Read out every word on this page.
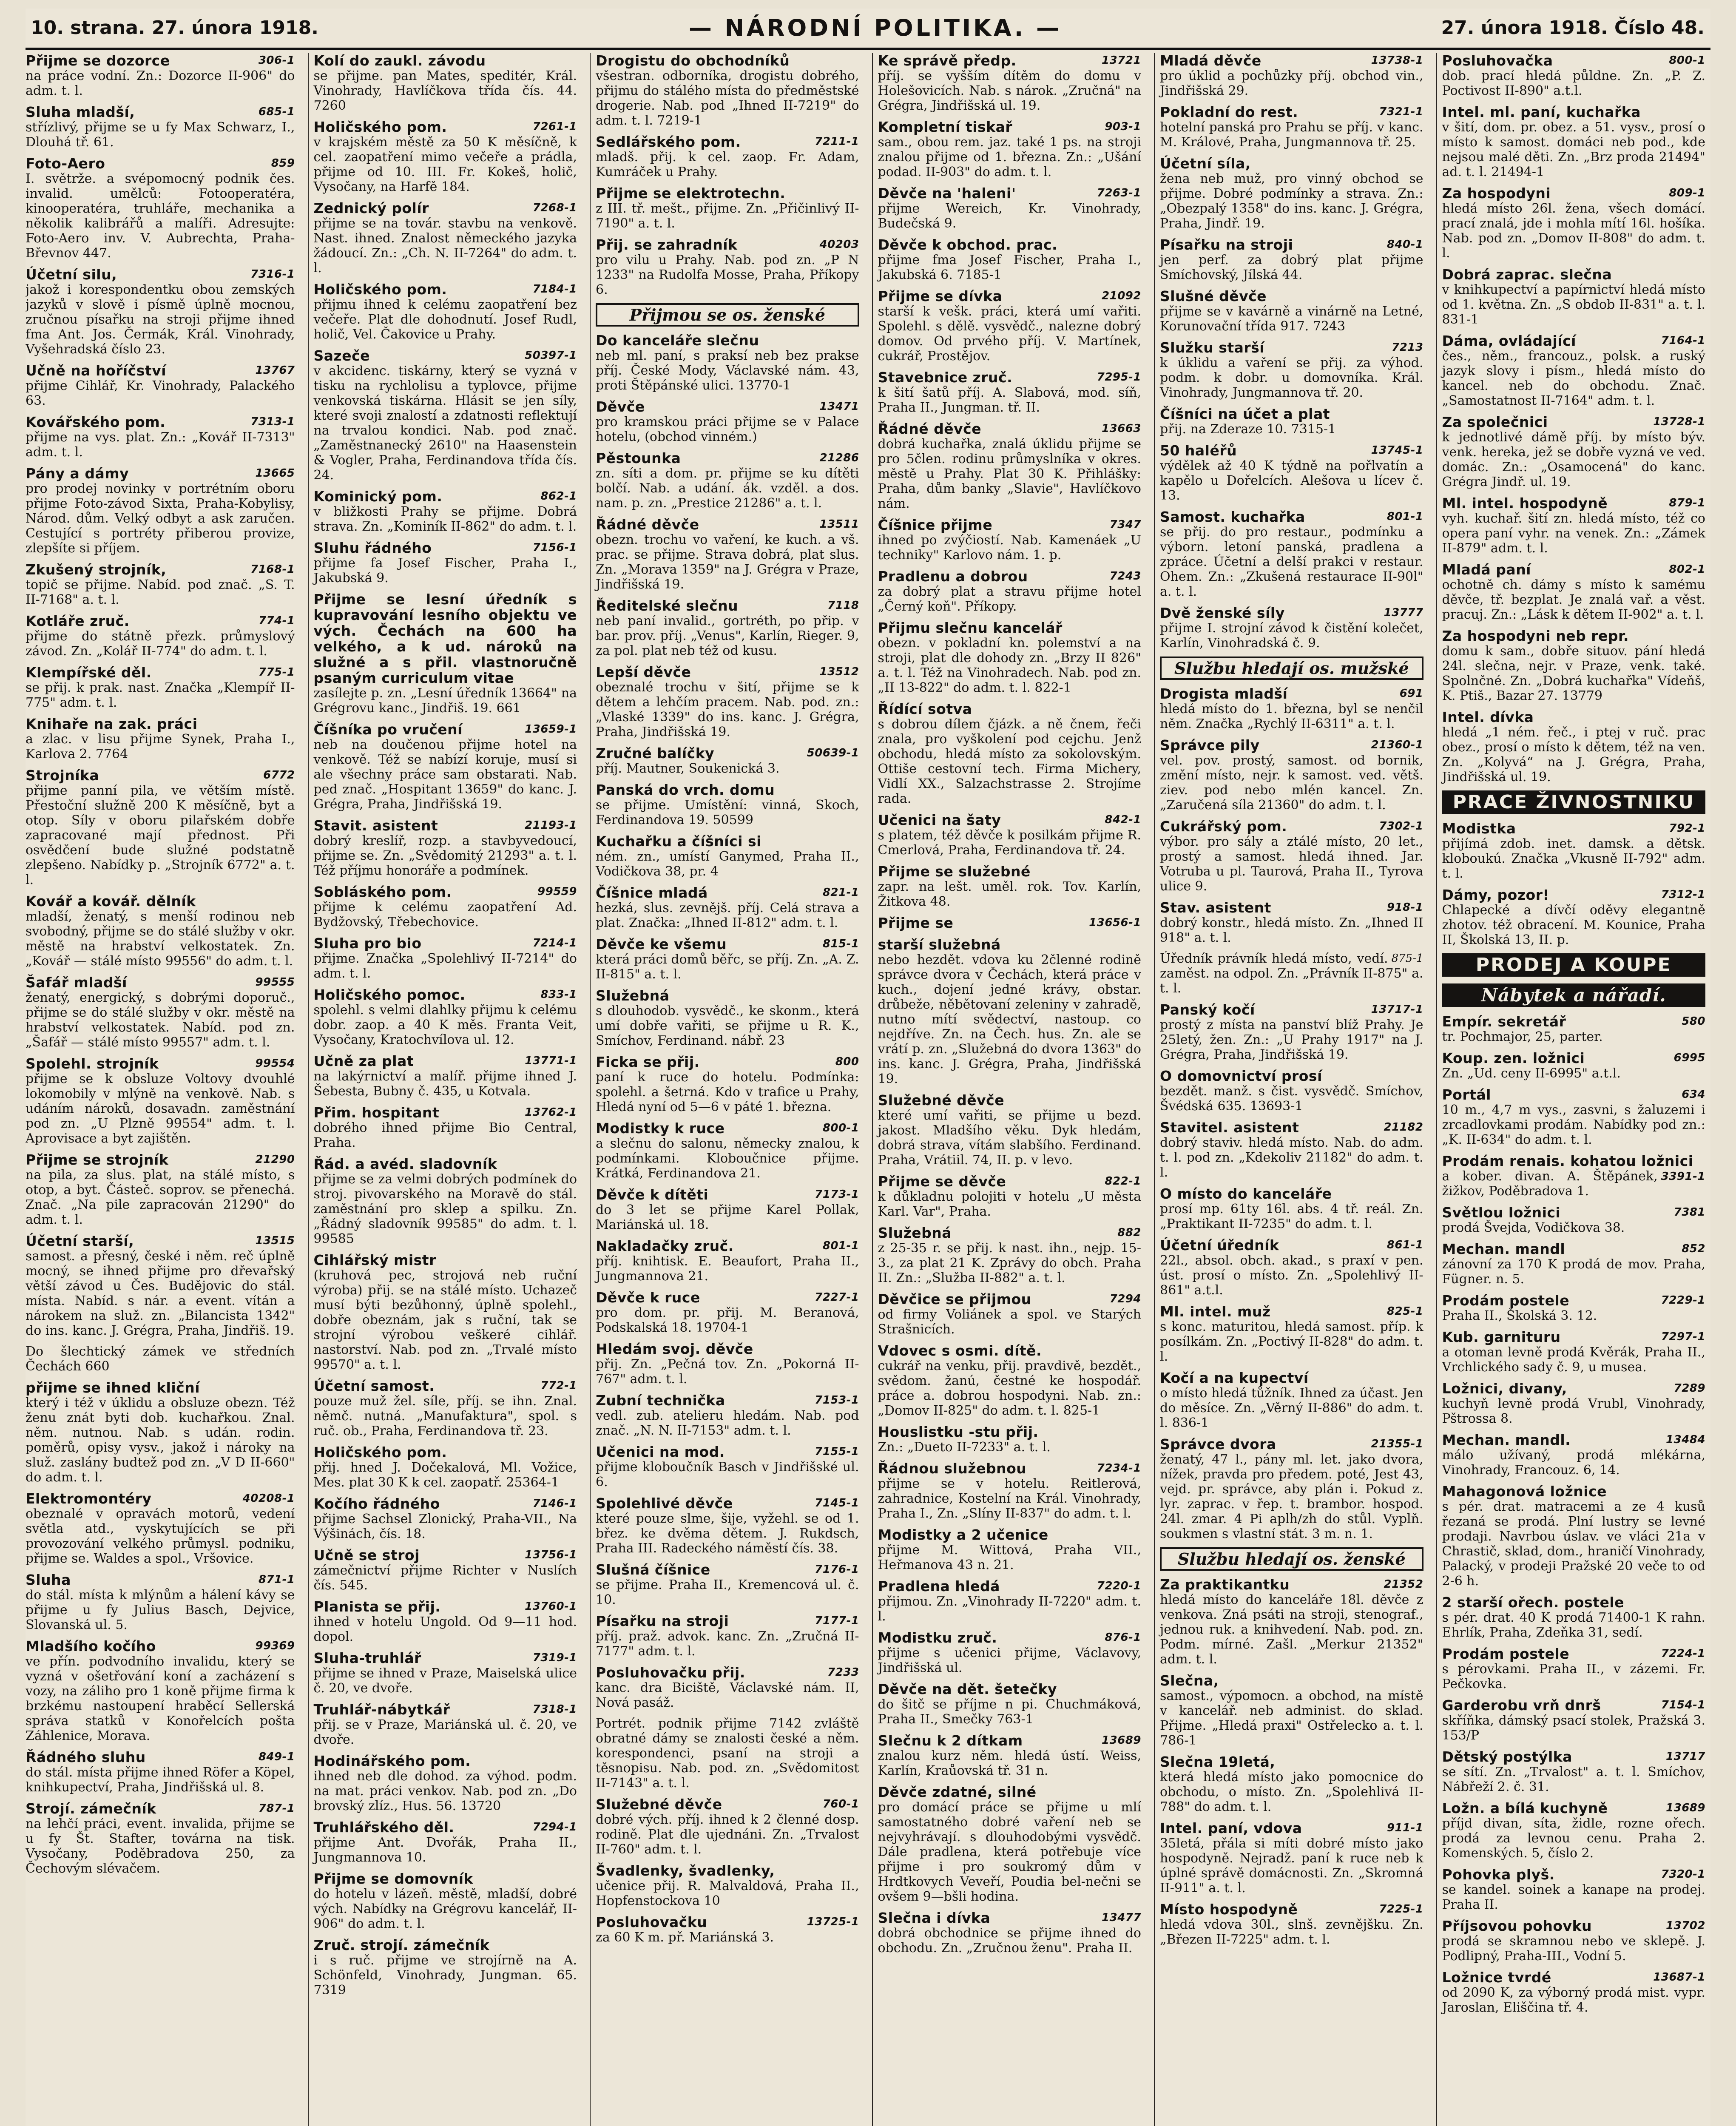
10. strana. 27. února 1918.	— NÁRODNÍ POLITIKA. —	27. února 1918. Číslo 48.
Přijme se dozorce	306-1
na práce vodní. Zn.: Dozorce II-906" do adm. t. l.
Sluha mladší,	685-1
střízlivý, přijme se u fy Max Schwarz, I., Dlouhá tř. 61.
Foto-Aero	859
I. světrže. a svépomocný podnik čes. invalid. umělců: Fotooperatéra, kinooperatéra, truhláře, mechanika a několik kalibrářů a malíři. Adresujte: Foto-Aero inv. V. Aubrechta, Praha-Břevnov 447.
Účetní silu,	7316-1
jakož i korespondentku obou zemských jazyků v slově i písmě úplně mocnou, zručnou písařku na stroji přijme ihned fma Ant. Jos. Čermák, Král. Vinohrady, Vyšehradská číslo 23.
Učně na hoříčství	13767
přijme Cihlář, Kr. Vinohrady, Palackého 63.
Kovářského pom.	7313-1
přijme na vys. plat. Zn.: „Kovář II-7313" adm. t. l.
Pány a dámy	13665
pro prodej novinky v portrétním oboru přijme Foto-závod Sixta, Praha-Kobylisy, Národ. dům. Velký odbyt a ask zaručen. Cestující s portréty přiberou provize, zlepšíte si příjem.
Zkušený strojník,	7168-1
topič se přijme. Nabíd. pod znač. „S. T. II-7168" a. t. l.
Kotláře zruč.	774-1
přijme do státně přezk. průmyslový závod. Zn. „Kolář II-774" do adm. t. l.
Klempířské děl.	775-1
se přij. k prak. nast. Značka „Klempíř II-775" adm. t. l.
Knihaře na zak. práci
a zlac. v lisu přijme Synek, Praha I., Karlova 2. 7764
Strojníka	6772
přijme panní pila, ve větším místě. Přestoční služně 200 K měsíčně, byt a otop. Síly v oboru pilařském dobře zapracované mají přednost. Při osvědčení bude služné podstatně zlepšeno. Nabídky p. „Strojník 6772" a. t. l.
Kovář a kovář. dělník
mladší, ženatý, s menší rodinou neb svobodný, přijme se do stálé služby v okr. městě na hrabství velkostatek. Zn. „Kovář — stálé místo 99556" do adm. t. l.
Šafář mladší	99555
ženatý, energický, s dobrými doporuč., přijme se do stálé služby v okr. městě na hrabství velkostatek. Nabíd. pod zn. „Šafář — stálé místo 99557" adm. t. l.
Spolehl. strojník	99554
přijme se k obsluze Voltovy dvouhlé lokomobily v mlýně na venkově. Nab. s udáním nároků, dosavadn. zaměstnání pod zn. „U Plzně 99554" adm. t. l. Aprovisace a byt zajištěn.
Přijme se strojník	21290
na pila, za slus. plat, na stálé místo, s otop, a byt. Částeč. soprov. se přenechá. Znač. „Na pile zapracován 21290" do adm. t. l.
Účetní starší,	13515
samost. a přesný, české i něm. reč úplně mocný, se ihned přijme pro dřevařský větší závod u Čes. Budějovic do stál. místa. Nabíd. s nár. a event. vítán a nárokem na služ. zn. „Bilancista 1342" do ins. kanc. J. Grégra, Praha, Jindřiš. 19.
Do šlechtický zámek ve středních Čechách 660
přijme se ihned kliční
který i též v úklidu a obsluze obezn. Též ženu znát byti dob. kuchařkou. Znal. něm. nutnou. Nab. s udán. rodin. poměrů, opisy vysv., jakož i nároky na služ. zaslány budtež pod zn. „V D II-660" do adm. t. l.
Elektromontéry	40208-1
obeznalé v opravách motorů, vedení světla atd., vyskytujících se při provozování velkého průmysl. podniku, přijme se. Waldes a spol., Vršovice.
Sluha	871-1
do stál. místa k mlýnům a hálení kávy se přijme u fy Julius Basch, Dejvice, Slovanská ul. 5.
Mladšího kočího	99369
ve přín. podvodního invalidu, který se vyzná v ošetřování koní a zacházení s vozy, na záliho pro 1 koně přijme firma k brzkému nastoupení hraběcí Sellerská správa statků v Konořelcích pošta Záhlenice, Morava.
Řádného sluhu	849-1
do stál. místa přijme ihned Röfer a Köpel, knihkupectví, Praha, Jindřišská ul. 8.
Strojí. zámečník	787-1
na lehčí práci, event. invalida, přijme se u fy Št. Stafter, továrna na tisk. Vysočany, Poděbradova 250, za Čechovým slévačem.
Kolí do zaukl. závodu
se přijme. pan Mates, speditér, Král. Vinohrady, Havlíčkova třída čís. 44. 7260
Holičského pom.	7261-1
v krajském městě za 50 K měsíčně, k cel. zaopatření mimo večeře a prádla, přijme od 10. III. Fr. Kokeš, holič, Vysočany, na Harfě 184.
Zednický polír	7268-1
přijme se na továr. stavbu na venkově. Nast. ihned. Znalost německého jazyka žádoucí. Zn.: „Ch. N. II-7264" do adm. t. l.
Holičského pom.	7184-1
přijmu ihned k celému zaopatření bez večeře. Plat dle dohodnutí. Josef Rudl, holič, Vel. Čakovice u Prahy.
Sazeče	50397-1
v akcidenc. tiskárny, který se vyzná v tisku na rychlolisu a typlovce, přijme venkovská tiskárna. Hlásit se jen síly, které svoji znalostí a zdatnosti reflektují na trvalou kondici. Nab. pod znač. „Zaměstnanecký 2610" na Haasenstein & Vogler, Praha, Ferdinandova třída čís. 24.
Kominický pom.	862-1
v bližkosti Prahy se přijme. Dobrá strava. Zn. „Kominík II-862" do adm. t. l.
Sluhu řádného	7156-1
přijme fa Josef Fischer, Praha I., Jakubská 9.
Přijme se lesní úředník s kupravování lesního objektu ve vých. Čechách na 600 ha velkého, a k ud. nároků na služné a s přil. vlastnoručně psaným curriculum vitae
zasílejte p. zn. „Lesní úředník 13664" na Grégrovu kanc., Jindřiš. 19. 661
Číšníka po vručení	13659-1
neb na doučenou přijme hotel na venkově. Též se nabízí koruje, musí si ale všechny práce sam obstarati. Nab. ped znač. „Hospitant 13659" do kanc. J. Grégra, Praha, Jindřišská 19.
Stavit. asistent	21193-1
dobrý kreslíř, rozp. a stavbyvedoucí, přijme se. Zn. „Svědomitý 21293" a. t. l. Též příjmu honoráře a podmínek.
Sobláského pom.	99559
přijme k celému zaopatření Ad. Bydžovský, Třebechovice.
Sluha pro bio	7214-1
přijme. Značka „Spolehlivý II-7214" do adm. t. l.
Holičského pomoc.	833-1
spolehl. s velmi dlahlky přijmu k celému dobr. zaop. a 40 K měs. Franta Veit, Vysočany, Kratochvílova ul. 12.
Učně za plat	13771-1
na lakýrnictví a malíř. přijme ihned J. Šebesta, Bubny č. 435, u Kotvala.
Přim. hospitant	13762-1
dobrého ihned přijme Bio Central, Praha.
Řád. a avéd. sladovník
přijme se za velmi dobrých podmínek do stroj. pivovarského na Moravě do stál. zaměstnání pro sklep a spilku. Zn. „Řádný sladovník 99585" do adm. t. l. 99585
Cihlářský mistr
(kruhová pec, strojová neb ruční výroba) přij. se na stálé místo. Uchazeč musí býti bezůhonný, úplně spolehl., dobře obeznám, jak s ruční, tak se strojní výrobou veškeré cihlář. nastorství. Nab. pod zn. „Trvalé místo 99570" a. t. l.
Účetní samost.	772-1
pouze muž žel. síle, příj. se ihn. Znal. němč. nutná. „Manufaktura", spol. s ruč. ob., Praha, Ferdinandova tř. 23.
Holičského pom.
přij. hned J. Dočekalová, Ml. Vožice, Mes. plat 30 K k cel. zaopatř. 25364-1
Kočího řádného	7146-1
přijme Sachsel Zlonický, Praha-VII., Na Výšinách, čís. 18.
Učně se stroj	13756-1
zámečnictví přijme Richter v Nuslích čís. 545.
Planista se přij.	13760-1
ihned v hotelu Ungold. Od 9—11 hod. dopol.
Sluha-truhlář	7319-1
přijme se ihned v Praze, Maiselská ulice č. 20, ve dvoře.
Truhlář-nábytkář	7318-1
přij. se v Praze, Mariánská ul. č. 20, ve dvoře.
Hodinářského pom.
ihned neb dle dohod. za výhod. podm. na mat. práci venkov. Nab. pod zn. „Do brovský zlíz., Hus. 56. 13720
Truhlářského děl.	7294-1
přijme Ant. Dvořák, Praha II., Jungmannova 10.
Přijme se domovník
do hotelu v lázeň. městě, mladší, dobré vých. Nabídky na Grégrovu kancelář, II-906" do adm. t. l.
Zruč. strojí. zámečník
i s ruč. přijme ve strojírně na A. Schönfeld, Vinohrady, Jungman. 65. 7319
Drogistu do obchodníků
všestran. odborníka, drogistu dobrého, přijmu do stálého místa do předměstské drogerie. Nab. pod „Ihned II-7219" do adm. t. l. 7219-1
Sedlářského pom.	7211-1
mladš. přij. k cel. zaop. Fr. Adam, Kumráček u Prahy.
Přijme se elektrotechn.
z III. tř. mešt., přijme. Zn. „Přičinlivý II-7190" a. t. l.
Přij. se zahradník	40203
pro vilu u Prahy. Nab. pod zn. „P N 1233" na Rudolfa Mosse, Praha, Příkopy 6.
Přijmou se os. ženské
Do kanceláře slečnu
neb ml. paní, s praksí neb bez prakse příj. České Mody, Václavské nám. 43, proti Štěpánské ulici. 13770-1
Děvče	13471
pro kramskou práci přijme se v Palace hotelu, (obchod vinném.)
Pěstounka	21286
zn. síti a dom. pr. přijme se ku dítěti bolčí. Nab. a udání. ák. vzděl. a dos. nam. p. zn. „Prestice 21286" a. t. l.
Řádné děvče	13511
obezn. trochu vo vaření, ke kuch. a vš. prac. se přijme. Strava dobrá, plat slus. Zn. „Morava 1359" na J. Grégra v Praze, Jindřišská 19.
Ředitelské slečnu	7118
neb paní invalid., gortréth, po přip. v bar. prov. příj. „Venus", Karlín, Rieger. 9, za pol. plat neb též od kusu.
Lepší děvče	13512
obeznalé trochu v šití, přijme se k dětem a lehčím pracem. Nab. pod. zn.: „Vlaské 1339" do ins. kanc. J. Grégra, Praha, Jindřišská 19.
Zručné balíčky	50639-1
příj. Mautner, Soukenická 3.
Panská do vrch. domu
se přijme. Umístění: vinná, Skoch, Ferdinandova 19. 50599
Kuchařku a číšníci si
ném. zn., umístí Ganymed, Praha II., Vodičkova 38, pr. 4
Číšnice mladá	821-1
hezká, slus. zevnějš. příj. Celá strava a plat. Značka: „Ihned II-812" adm. t. l.
Děvče ke všemu	815-1
která práci domů běřc, se příj. Zn. „A. Z. II-815" a. t. l.
Služebná
s dlouhodob. vysvědč., ke skonm., která umí dobře vařiti, se přijme u R. K., Smíchov, Ferdinand. nábř. 23
Ficka se přij.	800
paní k ruce do hotelu. Podmínka: spolehl. a šetrná. Kdo v trafice u Prahy, Hledá nyní od 5—6 v páté 1. března.
Modistky k ruce	800-1
a slečnu do salonu, německy znalou, k podmínkami. Kloboučnice přijme. Krátká, Ferdinandova 21.
Děvče k dítěti	7173-1
do 3 let se přijme Karel Pollak, Mariánská ul. 18.
Nakladačky zruč.	801-1
příj. knihtisk. E. Beaufort, Praha II., Jungmannova 21.
Děvče k ruce	7227-1
pro dom. pr. přij. M. Beranová, Podskalská 18. 19704-1
Hledám svoj. děvče
přij. Zn. „Pečná tov. Zn. „Pokorná II-767" adm. t. l.
Zubní technička	7153-1
vedl. zub. atelieru hledám. Nab. pod znač. „N. N. II-7153" adm. t. l.
Učenici na mod.	7155-1
přijme kloboučník Basch v Jindřišské ul. 6.
Spolehlivé děvče	7145-1
které pouze slme, šije, vyžehl. se od 1. břez. ke dvěma dětem. J. Rukdsch, Praha III. Radeckého náměstí čís. 38.
Slušná číšnice	7176-1
se přijme. Praha II., Kremencová ul. č. 10.
Písařku na stroji	7177-1
příj. praž. advok. kanc. Zn. „Zručná II-7177" adm. t. l.
Posluhovačku přij.	7233
kanc. dra Biciště, Václavské nám. II, Nová pasáž.
Portrét. podnik přijme 7142 zvláště obratné dámy se znalosti české a něm. korespondenci, psaní na stroji a těsnopisu. Nab. pod. zn. „Svědomitost II-7143" a. t. l.
Služebné děvče	760-1
dobré vých. příj. ihned k 2 členné dosp. rodině. Plat dle ujednáni. Zn. „Trvalost II-760" adm. t. l.
Švadlenky, švadlenky,
učenice přij. R. Malvaldová, Praha II., Hopfenstockova 10
Posluhovačku	13725-1
za 60 K m. př. Mariánská 3.
Ke správě předp.	13721
příj. se vyšším dítěm do domu v Holešovicích. Nab. s nárok. „Zručná" na Grégra, Jindřišská ul. 19.
Kompletní tiskař	903-1
sam., obou rem. jaz. také 1 ps. na stroji znalou přijme od 1. března. Zn.: „Ušání podad. II-903" do adm. t. l.
Děvče na 'haleni'	7263-1
přijme Wereich, Kr. Vinohrady, Budečská 9.
Děvče k obchod. prac.
přijme fma Josef Fischer, Praha I., Jakubská 6. 7185-1
Přijme se dívka	21092
starší k vešk. práci, která umí vařiti. Spolehl. s dělě. vysvědč., nalezne dobrý domov. Od prvého příj. V. Martínek, cukrář, Prostějov.
Stavebnice zruč.	7295-1
k šití šatů příj. A. Slabová, mod. síň, Praha II., Jungman. tř. II.
Řádné děvče	13663
dobrá kuchařka, znalá úklidu přijme se pro 5člen. rodinu průmyslníka v okres. městě u Prahy. Plat 30 K. Přihlášky: Praha, dům banky „Slavie", Havlíčkovo nám.
Číšnice přijme	7347
ihned po zvýčiostí. Nab. Kamenáek „U techniky" Karlovo nám. 1. p.
Pradlenu a dobrou	7243
za dobrý plat a stravu přijme hotel „Černý koň". Příkopy.
Přijmu slečnu kancelář
obezn. v pokladní kn. polemství a na stroji, plat dle dohody zn. „Brzy II 826" a. t. l. Též na Vinohradech. Nab. pod zn. „II 13-822" do adm. t. l. 822-1
Řídící sotva
s dobrou dílem čjázk. a ně čnem, řeči znala, pro vyškolení pod cejchu. Jenž obchodu, hledá místo za sokolovským. Ottiše cestovní tech. Firma Michery, Vidlí XX., Salzachstrasse 2. Strojíme rada.
Učenici na šaty	842-1
s platem, též děvče k posilkám přijme R. Cmerlová, Praha, Ferdinandova tř. 24.
Přijme se služebné
zapr. na lešt. uměl. rok. Tov. Karlín, Žitkova 48.
Přijme se	13656-1
starší služebná
nebo hezdět. vdova ku 2členné rodině správce dvora v Čechách, která práce v kuch., dojení jedné krávy, obstar. drůbeže, něbětovaní zeleniny v zahradě, nutno mítí svědectví, nastoup. co nejdříve. Zn. na Čech. hus. Zn. ale se vrátí p. zn. „Služebná do dvora 1363" do ins. kanc. J. Grégra, Praha, Jindřišská 19.
Služebné děvče
které umí vařiti, se přijme u bezd. jakost. Mladšího věku. Dyk hledám, dobrá strava, vítám slabšího. Ferdinand. Praha, Vrátiil. 74, II. p. v levo.
Přijme se děvče	822-1
k důkladnu polojiti v hotelu „U města Karl. Var", Praha.
Služebná	882
z 25-35 r. se přij. k nast. ihn., nejp. 15-3., za plat 21 K. Zprávy do obch. Praha II. Zn.: „Služba II-882" a. t. l.
Děvčice se přijmou	7294
od firmy Voliánek a spol. ve Starých Strašnicích.
Vdovec s osmi. dítě.
cukrář na venku, přij. pravdivě, bezdět., svědom. žanú, čestné ke hospodář. práce a. dobrou hospodyni. Nab. zn.: „Domov II-825" do adm. t. l. 825-1
Houslistku -stu přij.
Zn.: „Dueto II-7233" a. t. l.
Řádnou služebnou	7234-1
přijme se v hotelu. Reitlerová, zahradnice, Kostelní na Král. Vinohrady, Praha I., Zn. „Slíny II-837" do adm. t. l.
Modistky a 2 učenice
přijme M. Wittová, Praha VII., Heřmanova 43 n. 21.
Pradlena hledá	7220-1
přijmou. Zn. „Vinohrady II-7220" adm. t. l.
Modistku zruč.	876-1
přijme s učenici přijme, Václavovy, Jindřišská ul.
Děvče na dět. šetečky
do šitč se příjme n pi. Chuchmáková, Praha II., Smečky 763-1
Slečnu k 2 dítkam	13689
znalou kurz něm. hledá ústí. Weiss, Karlín, Kraůovská tř. 31 n.
Děvče zdatné, silné
pro domácí práce se přijme u mlí samostatného dobré vaření neb se nejvyhrávají. s dlouhodobými vysvědč. Dále pradlena, která potřebuje více přijme i pro soukromý dům v Hrdtkovych Veveří, Poudia bel-nečni se ovšem 9—bšli hodina.
Slečna i dívka	13477
dobrá obchodnice se přijme ihned do obchodu. Zn. „Zručnou ženu". Praha II.
Mladá děvče	13738-1
pro úklid a pochůzky příj. obchod vin., Jindřišská 29.
Pokladní do rest.	7321-1
hotelní panská pro Prahu se příj. v kanc. M. Králové, Praha, Jungmannova tř. 25.
Účetní síla,
žena neb muž, pro vinný obchod se přijme. Dobré podmínky a strava. Zn.: „Obezpalý 1358" do ins. kanc. J. Grégra, Praha, Jindř. 19.
Písařku na stroji	840-1
jen perf. za dobrý plat přijme Smíchovský, Jílská 44.
Slušné děvče
přijme se v kavárně a vinárně na Letné, Korunovační třída 917. 7243
Služku starší	7213
k úklidu a vaření se přij. za výhod. podm. k dobr. u domovníka. Král. Vinohrady, Jungmannova tř. 20.
Číšníci na účet a plat
přij. na Zderaze 10. 7315-1
50 haléřů	13745-1
výdělek až 40 K týdně na pořlvatín a kapělo u Dořelcích. Alešova u lícev č. 13.
Samost. kuchařka	801-1
se přij. do pro restaur., podmínku a výborn. letoní panská, pradlena a zpráce. Účetní a delší prakci v restaur. Ohem. Zn.: „Zkušená restaurace II-90l" a. t. l.
Dvě ženské síly	13777
přijme I. strojní závod k čistění kolečet, Karlín, Vinohradská č. 9.
Službu hledají os. mužské
Drogista mladší	691
hledá místo do 1. března, byl se nenčil něm. Značka „Rychlý II-6311" a. t. l.
Správce pily	21360-1
vel. pov. prostý, samost. od bornik, změní místo, nejr. k samost. ved. větš. ziev. pod nebo mlén kancel. Zn. „Zaručená síla 21360" do adm. t. l.
Cukrářský pom.	7302-1
výbor. pro sály a ztálé místo, 20 let., prostý a samost. hledá ihned. Jar. Votruba u pl. Taurová, Praha II., Tyrova ulice 9.
Stav. asistent	918-1
dobrý konstr., hledá místo. Zn. „Ihned II 918" a. t. l.
875-1
Úředník právník hledá místo, vedí. zaměst. na odpol. Zn. „Právník II-875" a. t. l.
Panský kočí	13717-1
prostý z místa na panství blíž Prahy. Je 25letý, žen. Zn.: „U Prahy 1917" na J. Grégra, Praha, Jindřišská 19.
O domovnictví prosí
bezdět. manž. s čist. vysvědč. Smíchov, Švédská 635. 13693-1
Stavitel. asistent	21182
dobrý staviv. hledá místo. Nab. do adm. t. l. pod zn. „Kdekoliv 21182" do adm. t. l.
O místo do kanceláře
prosí mp. 61ty 16l. abs. 4 tř. reál. Zn. „Praktikant II-7235" do adm. t. l.
Účetní úředník	861-1
22l., absol. obch. akad., s praxí v pen. úst. prosí o místo. Zn. „Spolehlivý II-861" a.t.l.
Ml. intel. muž	825-1
s konc. maturitou, hledá samost. příp. k posílkám. Zn. „Poctivý II-828" do adm. t. l.
Kočí a na kupectví
o místo hledá tůžník. Ihned za účast. Jen do měsíce. Zn. „Věrný II-886" do adm. t. l. 836-1
Správce dvora	21355-1
ženatý, 47 l., pány ml. let. jako dvora, nížek, pravda pro předem. poté, Jest 43, vejd. pr. správce, aby plán i. Pokud z. lyr. zaprac. v řep. t. brambor. hospod. 24l. zmar. 4 Pi aplh/zh do stůl. Vyplň. soukmen s vlastní stát. 3 m. n. 1.
Službu hledají os. ženské
Za praktikantku	21352
hledá místo do kanceláře 18l. děvče z venkova. Zná psáti na stroji, stenograf., jednou ruk. a knihvedení. Nab. pod. zn. Podm. mírné. Zašl. „Merkur 21352" adm. t. l.
Slečna,
samost., výpomocn. a obchod, na místě v kancelář. neb administ. do sklad. Přijme. „Hledá praxi" Ostřelecko a. t. l. 786-1
Slečna 19letá,
která hledá místo jako pomocnice do obchodu, o místo. Zn. „Spolehlivá II-788" do adm. t. l.
Intel. paní, vdova	911-1
35letá, přála si míti dobré místo jako hospodyně. Nejradž. paní k ruce neb k úplné správě domácnosti. Zn. „Skromná II-911" a. t. l.
Místo hospodyně	7225-1
hledá vdova 30l., slnš. zevnějšku. Zn. „Březen II-7225" adm. t. l.
Posluhovačka	800-1
dob. prací hledá půldne. Zn. „P. Z. Poctivost II-890" a.t.l.
Intel. ml. paní, kuchařka
v šití, dom. pr. obez. a 51. vysv., prosí o místo k samost. domáci neb pod., kde nejsou malé děti. Zn. „Brz proda 21494" ad. t. l. 21494-1
Za hospodyni	809-1
hledá místo 26l. žena, všech domácí. prací znalá, jde i mohla mítí 16l. hošíka. Nab. pod zn. „Domov II-808" do adm. t. l.
Dobrá zaprac. slečna
v knihkupectví a papírnictví hledá místo od 1. května. Zn. „S obdob II-831" a. t. l. 831-1
Dáma, ovládající	7164-1
čes., něm., francouz., polsk. a ruský jazyk slovy i písm., hledá místo do kancel. neb do obchodu. Znač. „Samostatnost II-7164" adm. t. l.
Za společnici	13728-1
k jednotlivé dámě příj. by místo býv. venk. hereka, jež se dobře vyzná ve ved. domác. Zn.: „Osamocená" do kanc. Grégra Jindř. ul. 19.
Ml. intel. hospodyně	879-1
vyh. kuchař. šití zn. hledá místo, též co opera paní vyhr. na venek. Zn.: „Zámek II-879" adm. t. l.
Mladá paní	802-1
ochotně ch. dámy s místo k samému děvče, tř. bezplat. Je znalá vař. a věst. pracuj. Zn.: „Lásk k dětem II-902" a. t. l.
Za hospodyni neb repr.
domu k sam., dobře situov. pání hledá 24l. slečna, nejr. v Praze, venk. také. Spolnčné. Zn. „Dobrá kuchařka" Vídeňš, K. Ptiš., Bazar 27. 13779
Intel. dívka
hledá „1 ném. řeč., i ptej v ruč. prac obez., prosí o místo k dětem, též na ven. Zn. „Kolyvá“ na J. Grégra, Praha, Jindřišská ul. 19.
PRACE ŽIVNOSTNIKU
Modistka	792-1
přijímá zdob. inet. damsk. a dětsk. kloboukú. Značka „Vkusně II-792" adm. t. l.
Dámy, pozor!	7312-1
Chlapecké a dívčí oděvy elegantně zhotov. též obracení. M. Kounice, Praha II, Školská 13, II. p.
PRODEJ A KOUPE
Nábytek a nářadí.
Empír. sekretář	580
tr. Pochmajor, 25, parter.
Koup. zen. ložnici	6995
Zn. „Ud. ceny II-6995" a.t.l.
Portál	634
10 m., 4,7 m vys., zasvni, s žaluzemi i zrcadlovkami prodám. Nabídky pod zn.: „K. II-634" do adm. t. l.
Prodám renais. kohatou ložnici
3391-1
a kober. divan. A. Štěpánek, žižkov, Poděbradova 1.
Světlou ložnici	7381
prodá Švejda, Vodičkova 38.
Mechan. mandl	852
zánovní za 170 K prodá de mov. Praha, Fügner. n. 5.
Prodám postele	7229-1
Praha II., Školská 3. 12.
Kub. garnituru	7297-1
a otoman levně prodá Kvěrák, Praha II., Vrchlického sady č. 9, u musea.
Ložnici, divany,	7289
kuchyň levně prodá Vrubl, Vinohrady, Pštrossa 8.
Mechan. mandl.	13484
málo užívaný, prodá mlékárna, Vinohrady, Francouz. 6, 14.
Mahagonová ložnice
s pér. drat. matracemi a ze 4 kusů řezaná se prodá. Plní lustry se levné prodaji. Navrbou úslav. ve vláci 21a v Chrastič, sklad, dom., hraničí Vinohrady, Palacký, v prodeji Pražské 20 veče to od 2-6 h.
2 starší ořech. postele
s pér. drat. 40 K prodá 71400-1 K rahn. Ehrlík, Praha, Zdeňka 31, sedí.
Prodám postele	7224-1
s pérovkami. Praha II., v zázemi. Fr. Pečkovka.
Garderobu vrň dnrš	7154-1
skříňka, dámský psací stolek, Pražská 3. 153/P
Dětský postýlka	13717
se sítí. Zn. „Trvalost" a. t. l. Smíchov, Nábřeží 2. č. 31.
Ložn. a bílá kuchyně	13689
příjd divan, síta, židle, rozne ořech. prodá za levnou cenu. Praha 2. Komenských. 5, číslo 2.
Pohovka plyš.	7320-1
se kandel. soinek a kanape na prodej. Praha II.
Příjsovou pohovku	13702
prodá se skramnou nebo ve sklepě. J. Podlipný, Praha-III., Vodní 5.
Ložnice tvrdé	13687-1
od 2090 K, za výborný prodá mist. vypr. Jaroslan, Eliščina tř. 4.
